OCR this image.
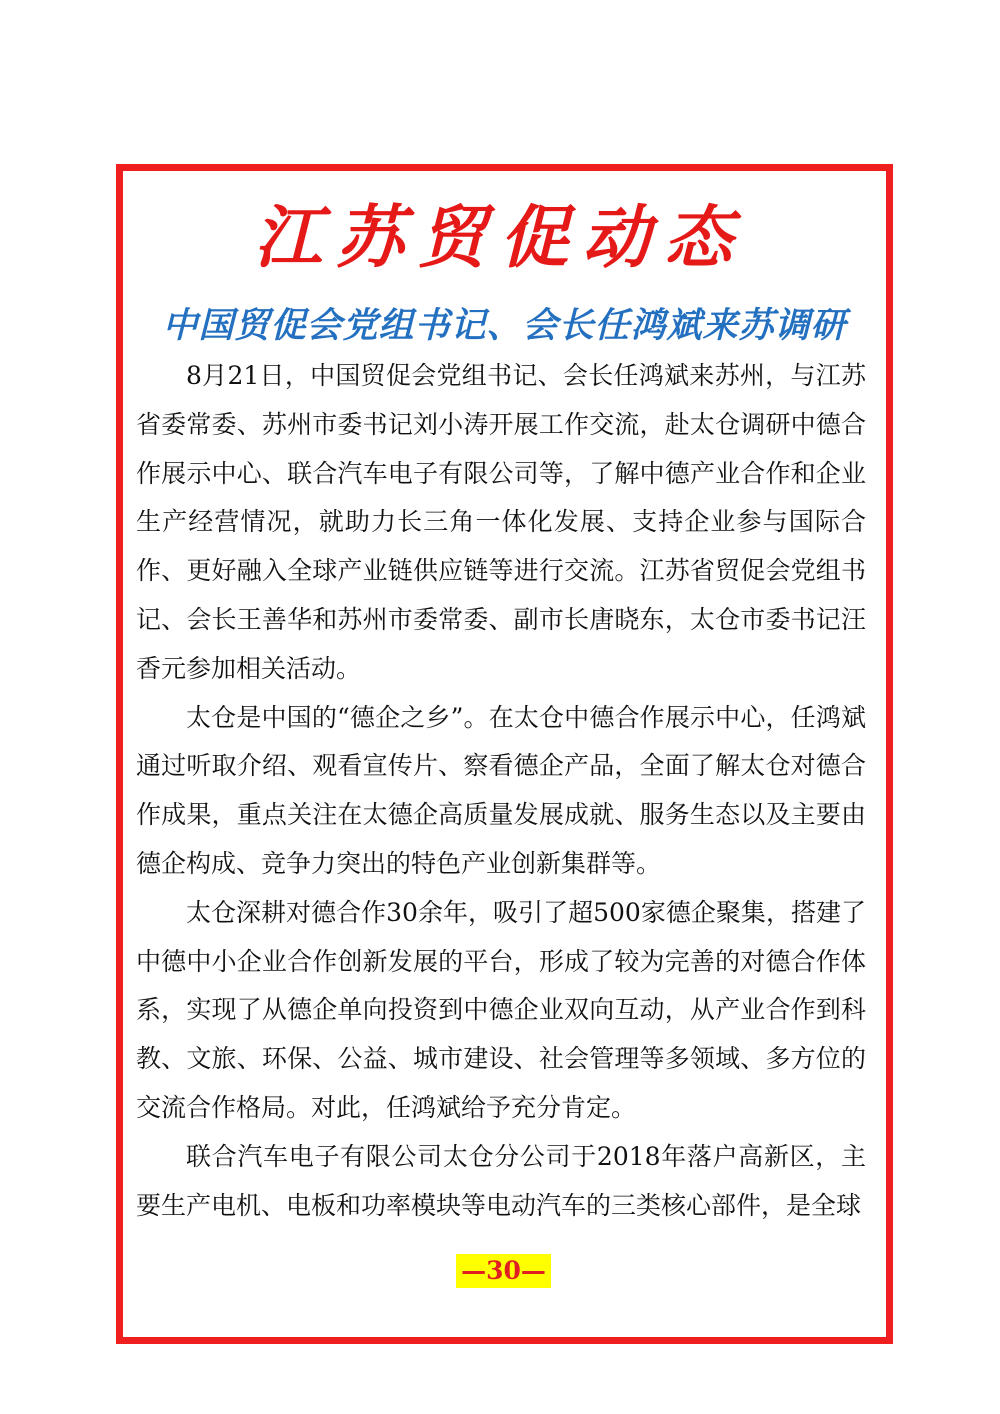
江苏贸促动态
中国贸促会党组书记、会长任鸿斌来苏调研

8月21日，中国贸促会党组书记、会长任鸿斌来苏州，与江苏省委常委、苏州市委书记刘小涛开展工作交流，赴太仓调研中德合作展示中心、联合汽车电子有限公司等，了解中德产业合作和企业生产经营情况，就助力长三角一体化发展、支持企业参与国际合作、更好融入全球产业链供应链等进行交流。江苏省贸促会党组书记、会长王善华和苏州市委常委、副市长唐晓东，太仓市委书记汪香元参加相关活动。

太仓是中国的“德企之乡”。在太仓中德合作展示中心，任鸿斌通过听取介绍、观看宣传片、察看德企产品，全面了解太仓对德合作成果，重点关注在太德企高质量发展成就、服务生态以及主要由德企构成、竞争力突出的特色产业创新集群等。

太仓深耕对德合作30余年，吸引了超500家德企聚集，搭建了中德中小企业合作创新发展的平台，形成了较为完善的对德合作体系，实现了从德企单向投资到中德企业双向互动，从产业合作到科教、文旅、环保、公益、城市建设、社会管理等多领域、多方位的交流合作格局。对此，任鸿斌给予充分肯定。

联合汽车电子有限公司太仓分公司于2018年落户高新区，主要生产电机、电板和功率模块等电动汽车的三类核心部件，是全球

—30—
